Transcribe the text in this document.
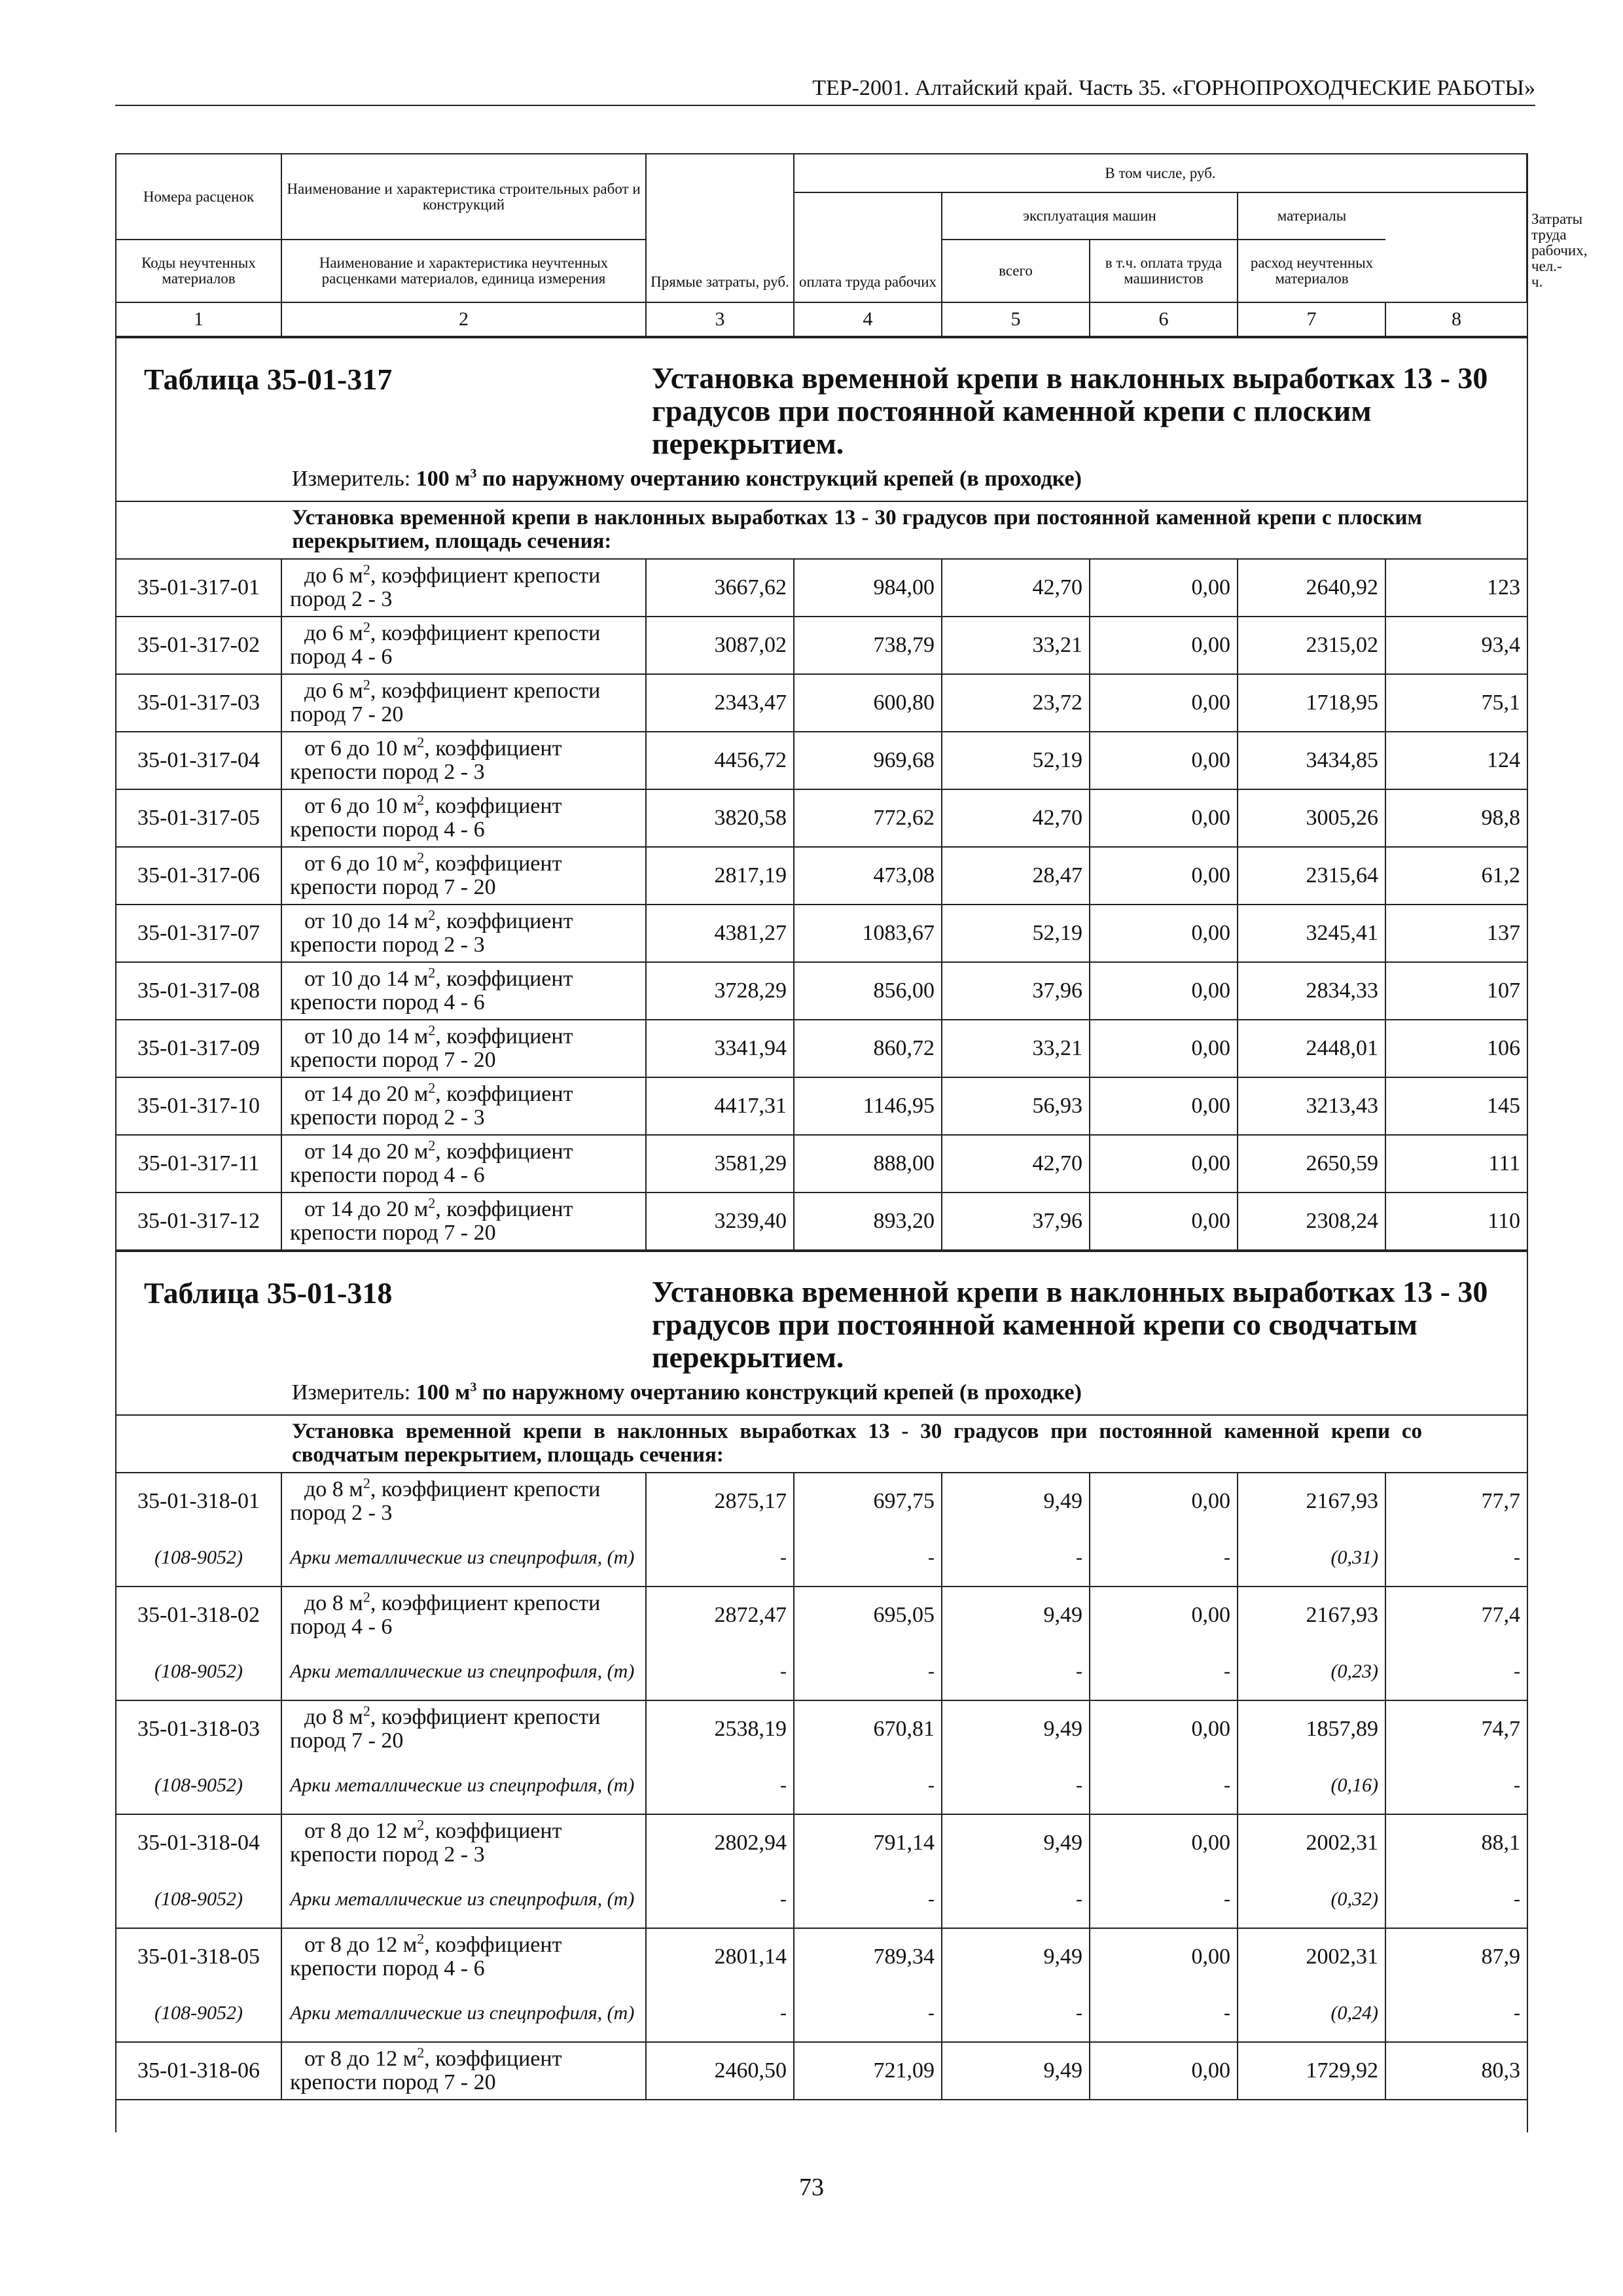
ТЕР-2001. Алтайский край. Часть 35. «ГОРНОПРОХОДЧЕСКИЕ РАБОТЫ»
Номера расценок	Наименование и характеристика строительных работ и конструкций	Прямые затраты, руб.	В том числе, руб.					Затраты труда рабочих, чел.-ч.
			оплата труда рабочих	эксплуатация машин		материалы		
Коды неучтенных материалов	Наименование и характеристика неучтенных расценками материалов, единица измерения			всего	в т.ч. оплата труда машинистов	расход неучтенных материалов		
1	2	3	4	5	6	7	8	
Таблица 35-01-317	Установка временной крепи в наклонных выработках 13 - 30 градусов при постоянной каменной крепи с плоским перекрытием.
Измеритель: 100 $м^3$ по наружному очертанию конструкций крепей (в проходке)
Установка временной крепи в наклонных выработках 13 - 30 градусов при постоянной каменной крепи с плоским перекрытием, площадь сечения:
35-01-317-01	до 6 $м^2$, коэффициент крепости пород 2 - 3	3667,62	984,00	42,70	0,00	2640,92	123
35-01-317-02	до 6 $м^2$, коэффициент крепости пород 4 - 6	3087,02	738,79	33,21	0,00	2315,02	93,4
35-01-317-03	до 6 $м^2$, коэффициент крепости пород 7 - 20	2343,47	600,80	23,72	0,00	1718,95	75,1
35-01-317-04	от 6 до 10 $м^2$, коэффициент крепости пород 2 - 3	4456,72	969,68	52,19	0,00	3434,85	124
35-01-317-05	от 6 до 10 $м^2$, коэффициент крепости пород 4 - 6	3820,58	772,62	42,70	0,00	3005,26	98,8
35-01-317-06	от 6 до 10 $м^2$, коэффициент крепости пород 7 - 20	2817,19	473,08	28,47	0,00	2315,64	61,2
35-01-317-07	от 10 до 14 $м^2$, коэффициент крепости пород 2 - 3	4381,27	1083,67	52,19	0,00	3245,41	137
35-01-317-08	от 10 до 14 $м^2$, коэффициент крепости пород 4 - 6	3728,29	856,00	37,96	0,00	2834,33	107
35-01-317-09	от 10 до 14 $м^2$, коэффициент крепости пород 7 - 20	3341,94	860,72	33,21	0,00	2448,01	106
35-01-317-10	от 14 до 20 $м^2$, коэффициент крепости пород 2 - 3	4417,31	1146,95	56,93	0,00	3213,43	145
35-01-317-11	от 14 до 20 $м^2$, коэффициент крепости пород 4 - 6	3581,29	888,00	42,70	0,00	2650,59	111
35-01-317-12	от 14 до 20 $м^2$, коэффициент крепости пород 7 - 20	3239,40	893,20	37,96	0,00	2308,24	110
Таблица 35-01-318	Установка временной крепи в наклонных выработках 13 - 30 градусов при постоянной каменной крепи со сводчатым перекрытием.
Измеритель: 100 $м^3$ по наружному очертанию конструкций крепей (в проходке)
Установка временной крепи в наклонных выработках 13 - 30 градусов при постоянной каменной крепи со сводчатым перекрытием, площадь сечения:
35-01-318-01	до 8 $м^2$, коэффициент крепости пород 2 - 3	2875,17	697,75	9,49	0,00	2167,93	77,7
(108-9052)	Арки металлические из спецпрофиля, (т)	-	-	-	-	(0,31)	-
35-01-318-02	до 8 $м^2$, коэффициент крепости пород 4 - 6	2872,47	695,05	9,49	0,00	2167,93	77,4
(108-9052)	Арки металлические из спецпрофиля, (т)	-	-	-	-	(0,23)	-
35-01-318-03	до 8 $м^2$, коэффициент крепости пород 7 - 20	2538,19	670,81	9,49	0,00	1857,89	74,7
(108-9052)	Арки металлические из спецпрофиля, (т)	-	-	-	-	(0,16)	-
35-01-318-04	от 8 до 12 $м^2$, коэффициент крепости пород 2 - 3	2802,94	791,14	9,49	0,00	2002,31	88,1
(108-9052)	Арки металлические из спецпрофиля, (т)	-	-	-	-	(0,32)	-
35-01-318-05	от 8 до 12 $м^2$, коэффициент крепости пород 4 - 6	2801,14	789,34	9,49	0,00	2002,31	87,9
(108-9052)	Арки металлические из спецпрофиля, (т)	-	-	-	-	(0,24)	-
35-01-318-06	от 8 до 12 $м^2$, коэффициент крепости пород 7 - 20	2460,50	721,09	9,49	0,00	1729,92	80,3
73
